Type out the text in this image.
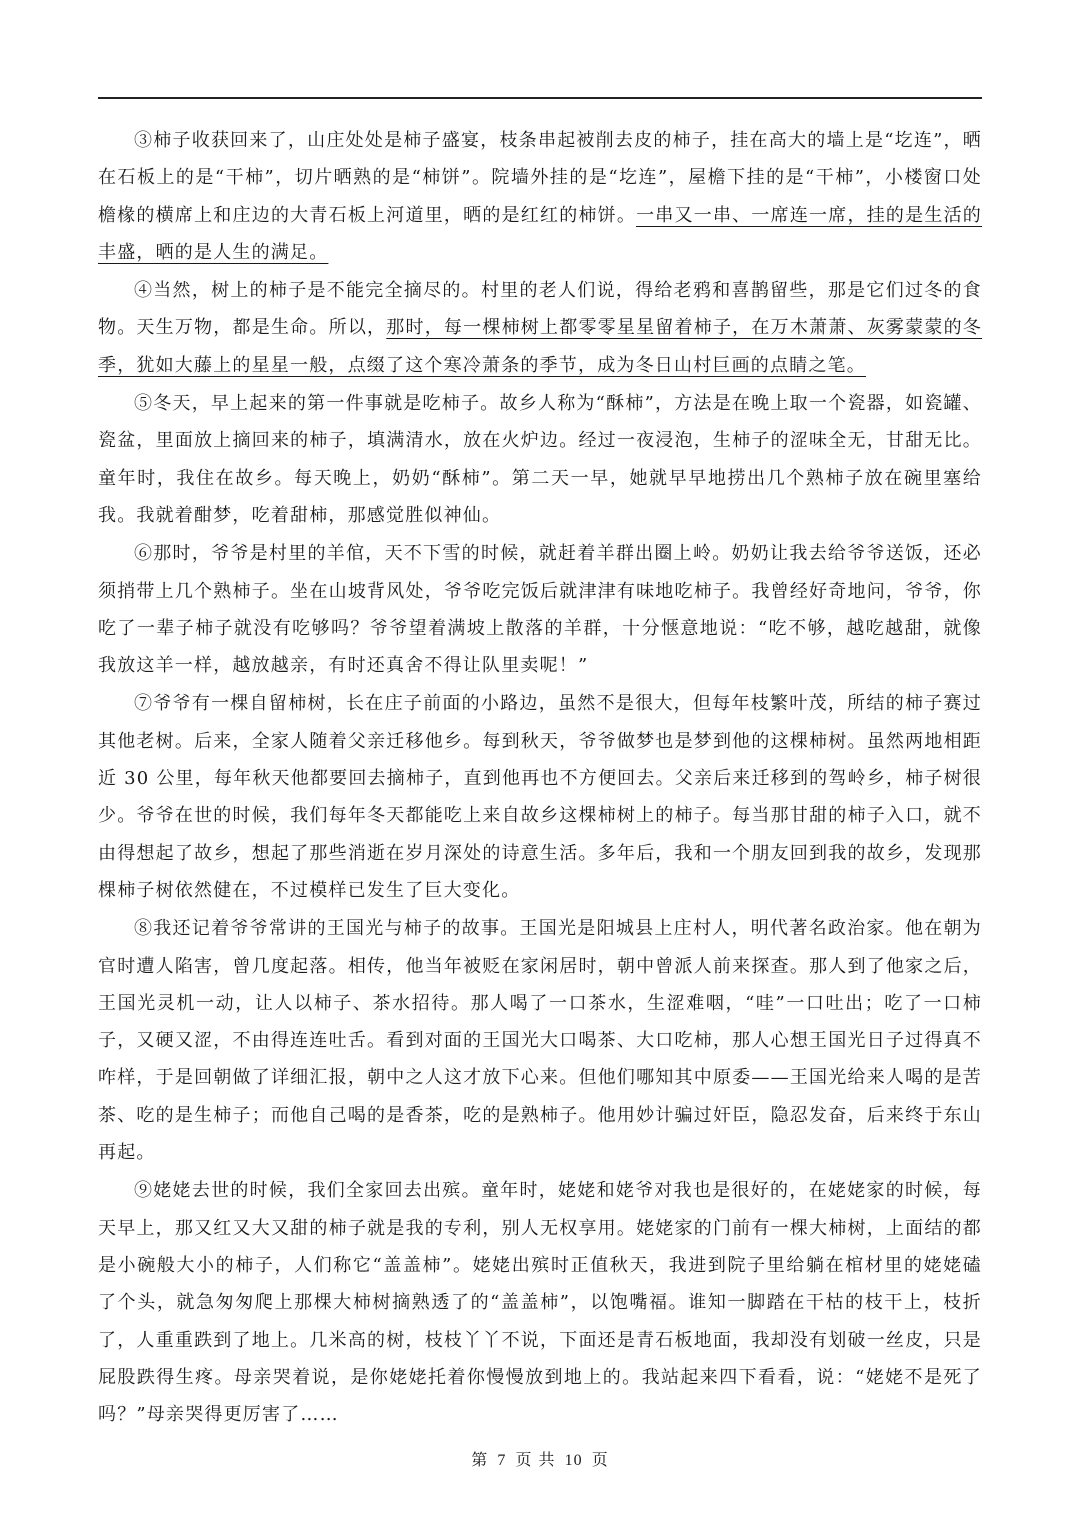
③柿子收获回来了，山庄处处是柿子盛宴，枝条串起被削去皮的柿子，挂在高大的墙上是“圪连”，晒在石板上的是“干柿”，切片晒熟的是“柿饼”。院墙外挂的是“圪连”，屋檐下挂的是“干柿”，小楼窗口处檐椽的横席上和庄边的大青石板上河道里，晒的是红红的柿饼。一串又一串、一席连一席，挂的是生活的丰盛，晒的是人生的满足。

④当然，树上的柿子是不能完全摘尽的。村里的老人们说，得给老鸦和喜鹊留些，那是它们过冬的食物。天生万物，都是生命。所以，那时，每一棵柿树上都零零星星留着柿子，在万木萧萧、灰雾蒙蒙的冬季，犹如大藤上的星星一般，点缀了这个寒冷萧条的季节，成为冬日山村巨画的点睛之笔。

⑤冬天，早上起来的第一件事就是吃柿子。故乡人称为“酥柿”，方法是在晚上取一个瓷器，如瓷罐、瓷盆，里面放上摘回来的柿子，填满清水，放在火炉边。经过一夜浸泡，生柿子的涩味全无，甘甜无比。童年时，我住在故乡。每天晚上，奶奶“酥柿”。第二天一早，她就早早地捞出几个熟柿子放在碗里塞给我。我就着酣梦，吃着甜柿，那感觉胜似神仙。

⑥那时，爷爷是村里的羊倌，天不下雪的时候，就赶着羊群出圈上岭。奶奶让我去给爷爷送饭，还必须捎带上几个熟柿子。坐在山坡背风处，爷爷吃完饭后就津津有味地吃柿子。我曾经好奇地问，爷爷，你吃了一辈子柿子就没有吃够吗？爷爷望着满坡上散落的羊群，十分惬意地说：“吃不够，越吃越甜，就像我放这羊一样，越放越亲，有时还真舍不得让队里卖呢！”

⑦爷爷有一棵自留柿树，长在庄子前面的小路边，虽然不是很大，但每年枝繁叶茂，所结的柿子赛过其他老树。后来，全家人随着父亲迁移他乡。每到秋天，爷爷做梦也是梦到他的这棵柿树。虽然两地相距近 30 公里，每年秋天他都要回去摘柿子，直到他再也不方便回去。父亲后来迁移到的驾岭乡，柿子树很少。爷爷在世的时候，我们每年冬天都能吃上来自故乡这棵柿树上的柿子。每当那甘甜的柿子入口，就不由得想起了故乡，想起了那些消逝在岁月深处的诗意生活。多年后，我和一个朋友回到我的故乡，发现那棵柿子树依然健在，不过模样已发生了巨大变化。

⑧我还记着爷爷常讲的王国光与柿子的故事。王国光是阳城县上庄村人，明代著名政治家。他在朝为官时遭人陷害，曾几度起落。相传，他当年被贬在家闲居时，朝中曾派人前来探查。那人到了他家之后，王国光灵机一动，让人以柿子、茶水招待。那人喝了一口茶水，生涩难咽，“哇”一口吐出；吃了一口柿子，又硬又涩，不由得连连吐舌。看到对面的王国光大口喝茶、大口吃柿，那人心想王国光日子过得真不咋样，于是回朝做了详细汇报，朝中之人这才放下心来。但他们哪知其中原委——王国光给来人喝的是苦茶、吃的是生柿子；而他自己喝的是香茶，吃的是熟柿子。他用妙计骗过奸臣，隐忍发奋，后来终于东山再起。

⑨姥姥去世的时候，我们全家回去出殡。童年时，姥姥和姥爷对我也是很好的，在姥姥家的时候，每天早上，那又红又大又甜的柿子就是我的专利，别人无权享用。姥姥家的门前有一棵大柿树，上面结的都是小碗般大小的柿子，人们称它“盖盖柿”。姥姥出殡时正值秋天，我进到院子里给躺在棺材里的姥姥磕了个头，就急匆匆爬上那棵大柿树摘熟透了的“盖盖柿”，以饱嘴福。谁知一脚踏在干枯的枝干上，枝折了，人重重跌到了地上。几米高的树，枝枝丫丫不说，下面还是青石板地面，我却没有划破一丝皮，只是屁股跌得生疼。母亲哭着说，是你姥姥托着你慢慢放到地上的。我站起来四下看看，说：“姥姥不是死了吗？”母亲哭得更厉害了……

第 7 页 共 10 页
